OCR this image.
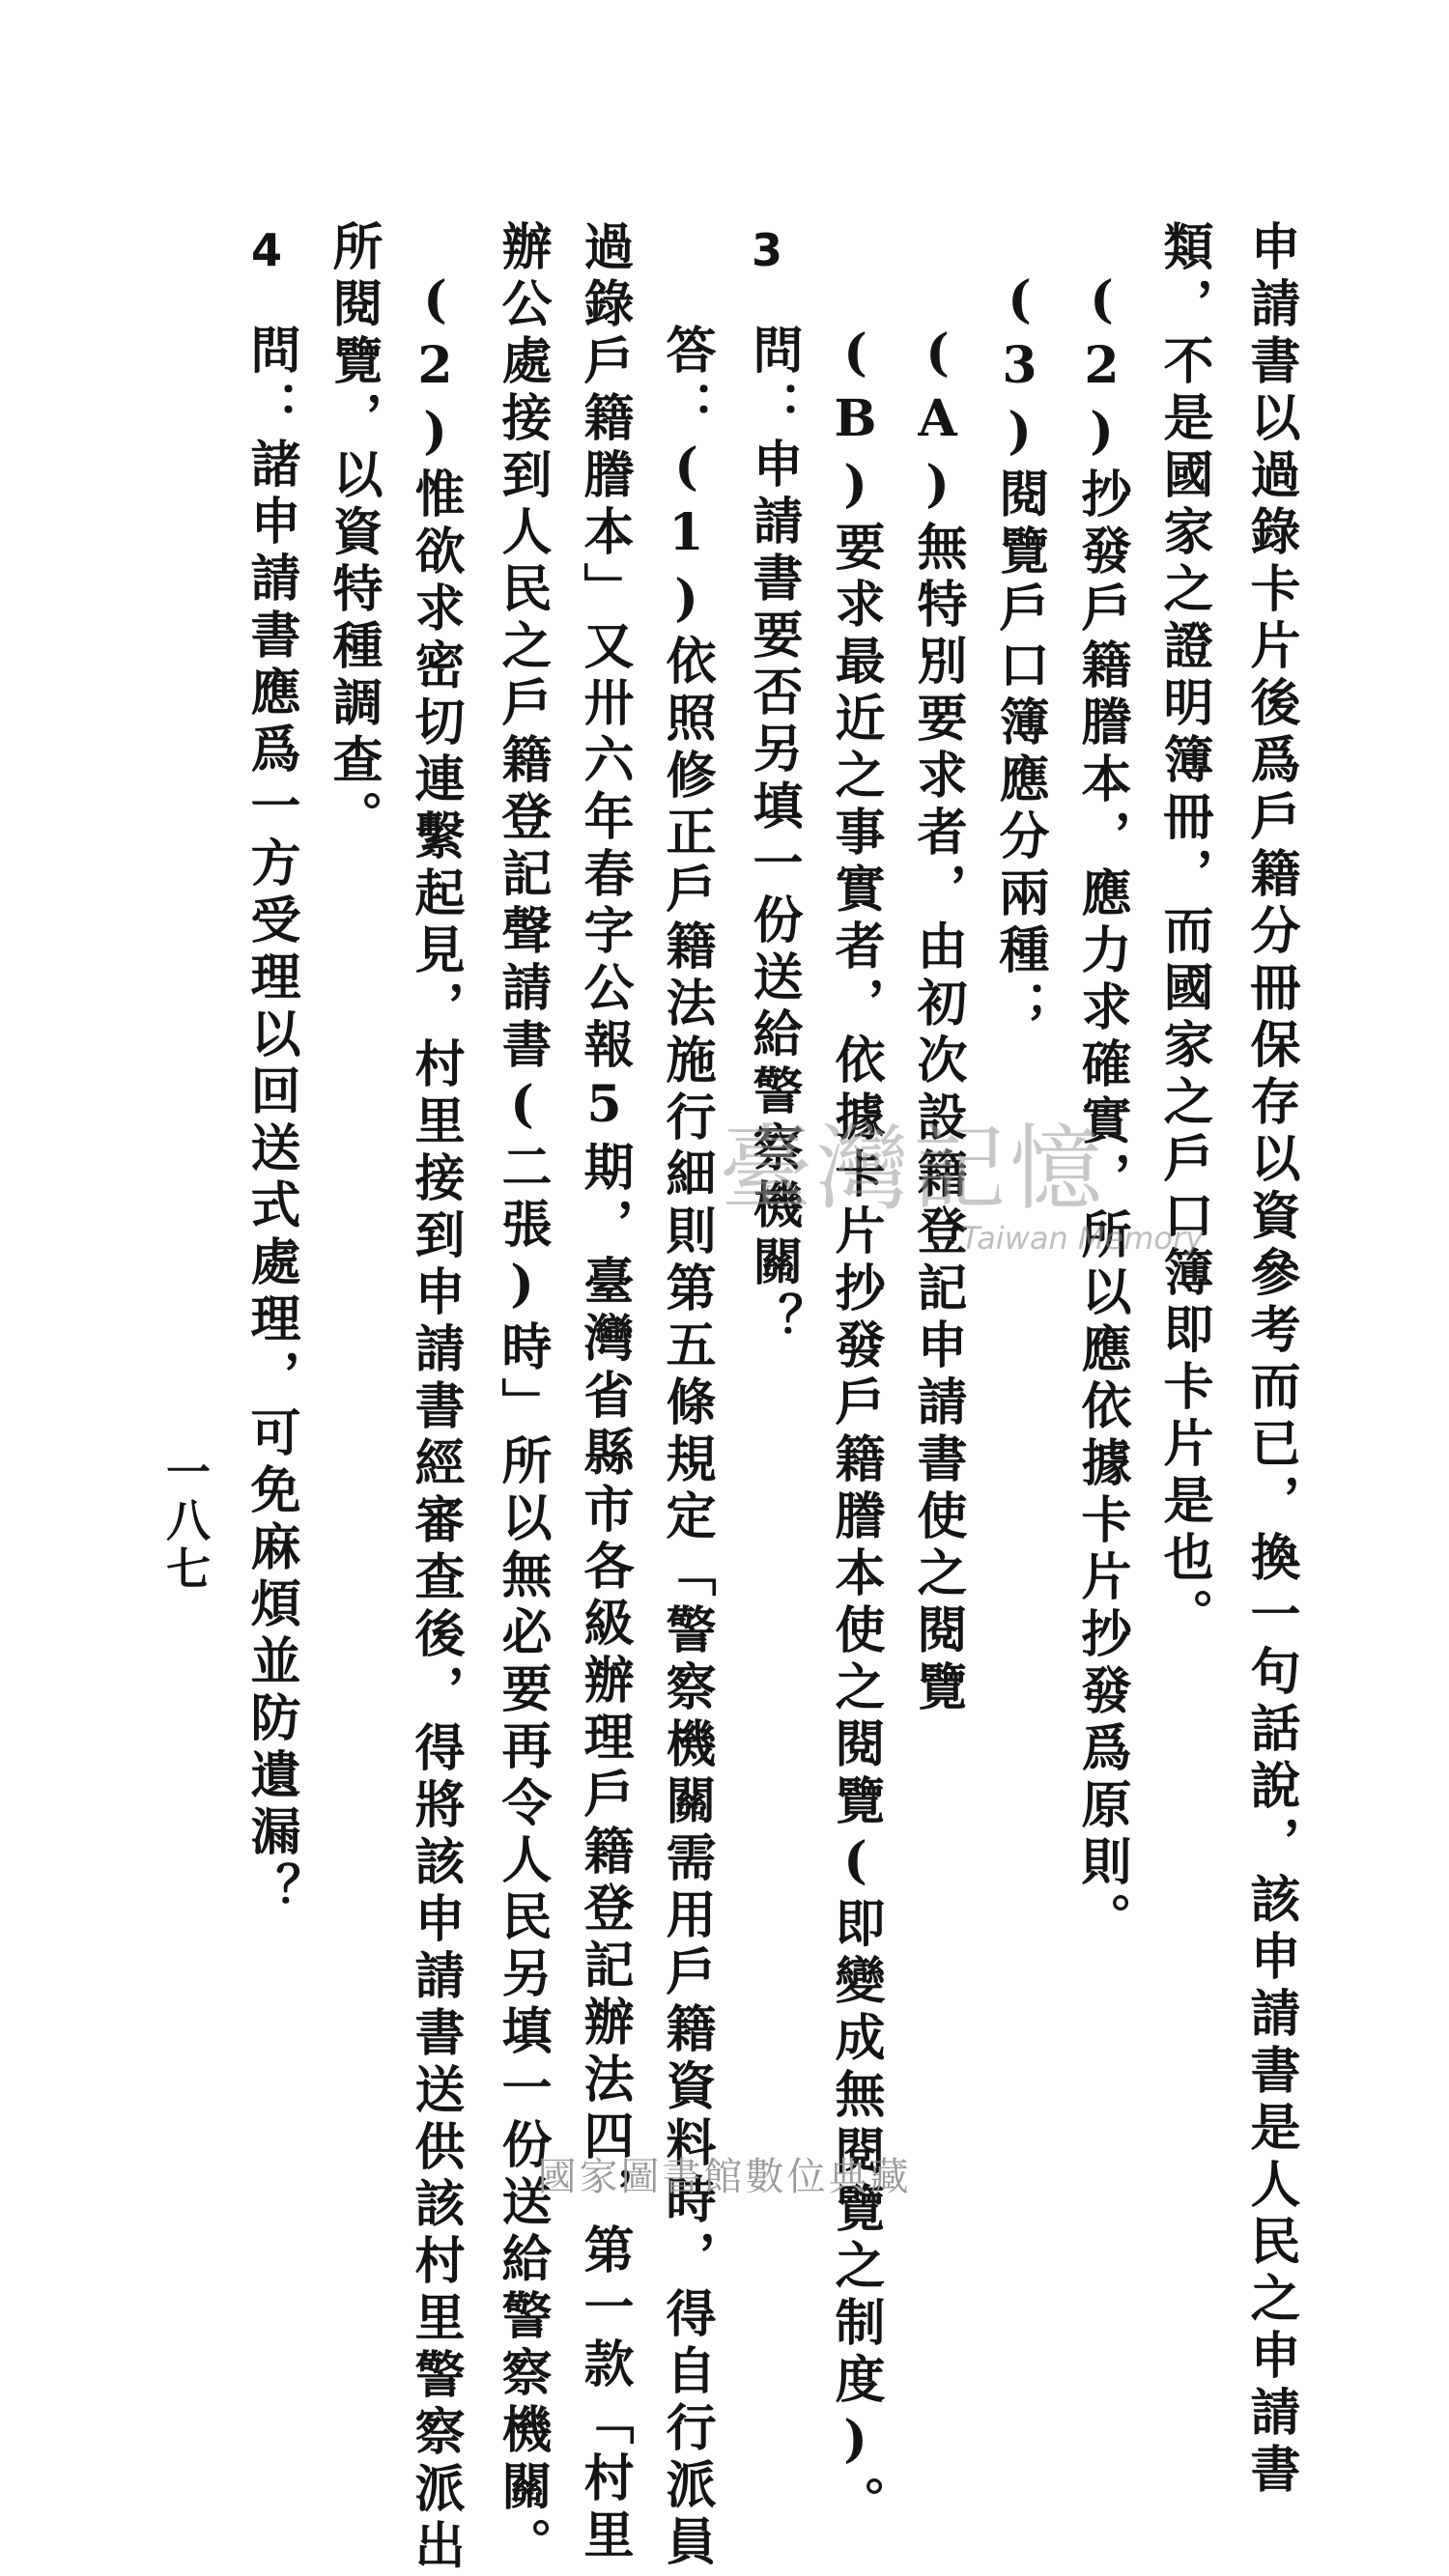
申請書以過錄卡片後爲戶籍分冊保存以資參考而已，換一句話說，該申請書是人民之申請書
類，不是國家之證明簿冊，而國家之戶口簿即卡片是也。
(2)抄發戶籍謄本，應力求確實，所以應依據卡片抄發爲原則。
(3)閱覽戶口簿應分兩種；
(A)無特別要求者，由初次設籍登記申請書使之閱覽
(B)要求最近之事實者，依據卡片抄發戶籍謄本使之閱覽(即變成無閱覽之制度)。
3
問：申請書要否另填一份送給警察機關？
答：(1)依照修正戶籍法施行細則第五條規定「警察機關需用戶籍資料時，得自行派員
過錄戶籍謄本」又卅六年春字公報5期，臺灣省縣市各級辦理戶籍登記辦法四，第一款「村里
辦公處接到人民之戶籍登記聲請書(二張)時」所以無必要再令人民另填一份送給警察機關。
(2)惟欲求密切連繫起見，村里接到申請書經審查後，得將該申請書送供該村里警察派出
所閱覽，以資特種調查。
4
問：諸申請書應爲一方受理以回送式處理，可免麻煩並防遺漏？
一八七
臺灣記憶
Taiwan Memory
國家圖書館數位典藏
